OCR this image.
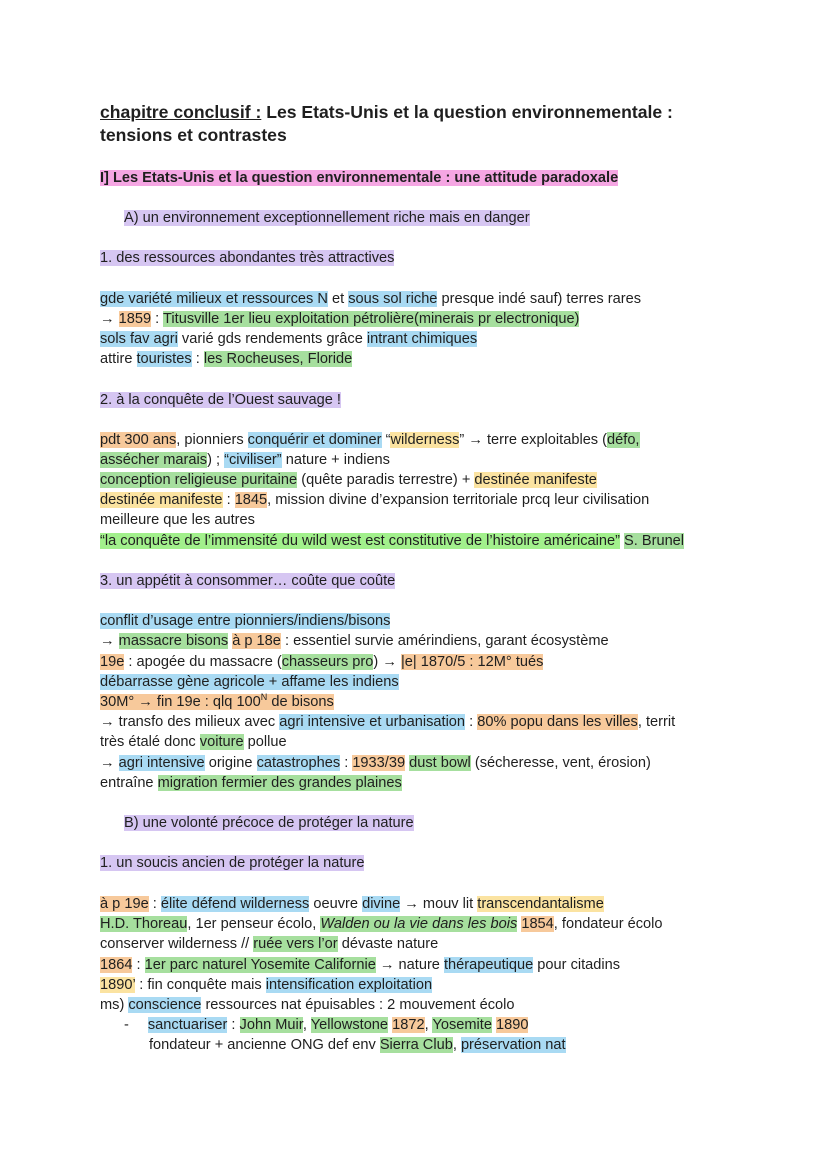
chapitre conclusif : Les Etats-Unis et la question environnementale :
tensions et contrastes
I] Les Etats-Unis et la question environnementale : une attitude paradoxale
A) un environnement exceptionnellement riche mais en danger
1. des ressources abondantes très attractives
gde variété milieux et ressources N et sous sol riche presque indé sauf) terres rares
→ 1859 : Titusville 1er lieu exploitation pétrolière(minerais pr electronique)
sols fav agri varié gds rendements grâce intrant chimiques
attire touristes : les Rocheuses, Floride
2. à la conquête de l’Ouest sauvage !
pdt 300 ans, pionniers conquérir et dominer “wilderness” → terre exploitables (défo,
assécher marais) ; “civiliser” nature + indiens
conception religieuse puritaine (quête paradis terrestre) + destinée manifeste
destinée manifeste : 1845, mission divine d’expansion territoriale prcq leur civilisation
meilleure que les autres
“la conquête de l’immensité du wild west est constitutive de l’histoire américaine” S. Brunel
3. un appétit à consommer… coûte que coûte
conflit d’usage entre pionniers/indiens/bisons
→ massacre bisons à p 18e : essentiel survie amérindiens, garant écosystème
19e : apogée du massacre (chasseurs pro) → |e| 1870/5 : 12M° tués
débarrasse gène agricole + affame les indiens
30M° → fin 19e : qlq $100^N$ de bisons
→ transfo des milieux avec agri intensive et urbanisation : 80% popu dans les villes, territ
très étalé donc voiture pollue
→ agri intensive origine catastrophes : 1933/39 dust bowl (sécheresse, vent, érosion)
entraîne migration fermier des grandes plaines
B) une volonté précoce de protéger la nature
1. un soucis ancien de protéger la nature
à p 19e : élite défend wilderness oeuvre divine → mouv lit transcendantalisme
H.D. Thoreau, 1er penseur écolo, Walden ou la vie dans les bois 1854, fondateur écolo
conserver wilderness // ruée vers l’or dévaste nature
1864 : 1er parc naturel Yosemite Californie → nature thérapeutique pour citadins
1890’ : fin conquête mais intensification exploitation
ms) conscience ressources nat épuisables : 2 mouvement écolo
- sanctuariser : John Muir, Yellowstone 1872, Yosemite 1890
fondateur + ancienne ONG def env Sierra Club, préservation nat
